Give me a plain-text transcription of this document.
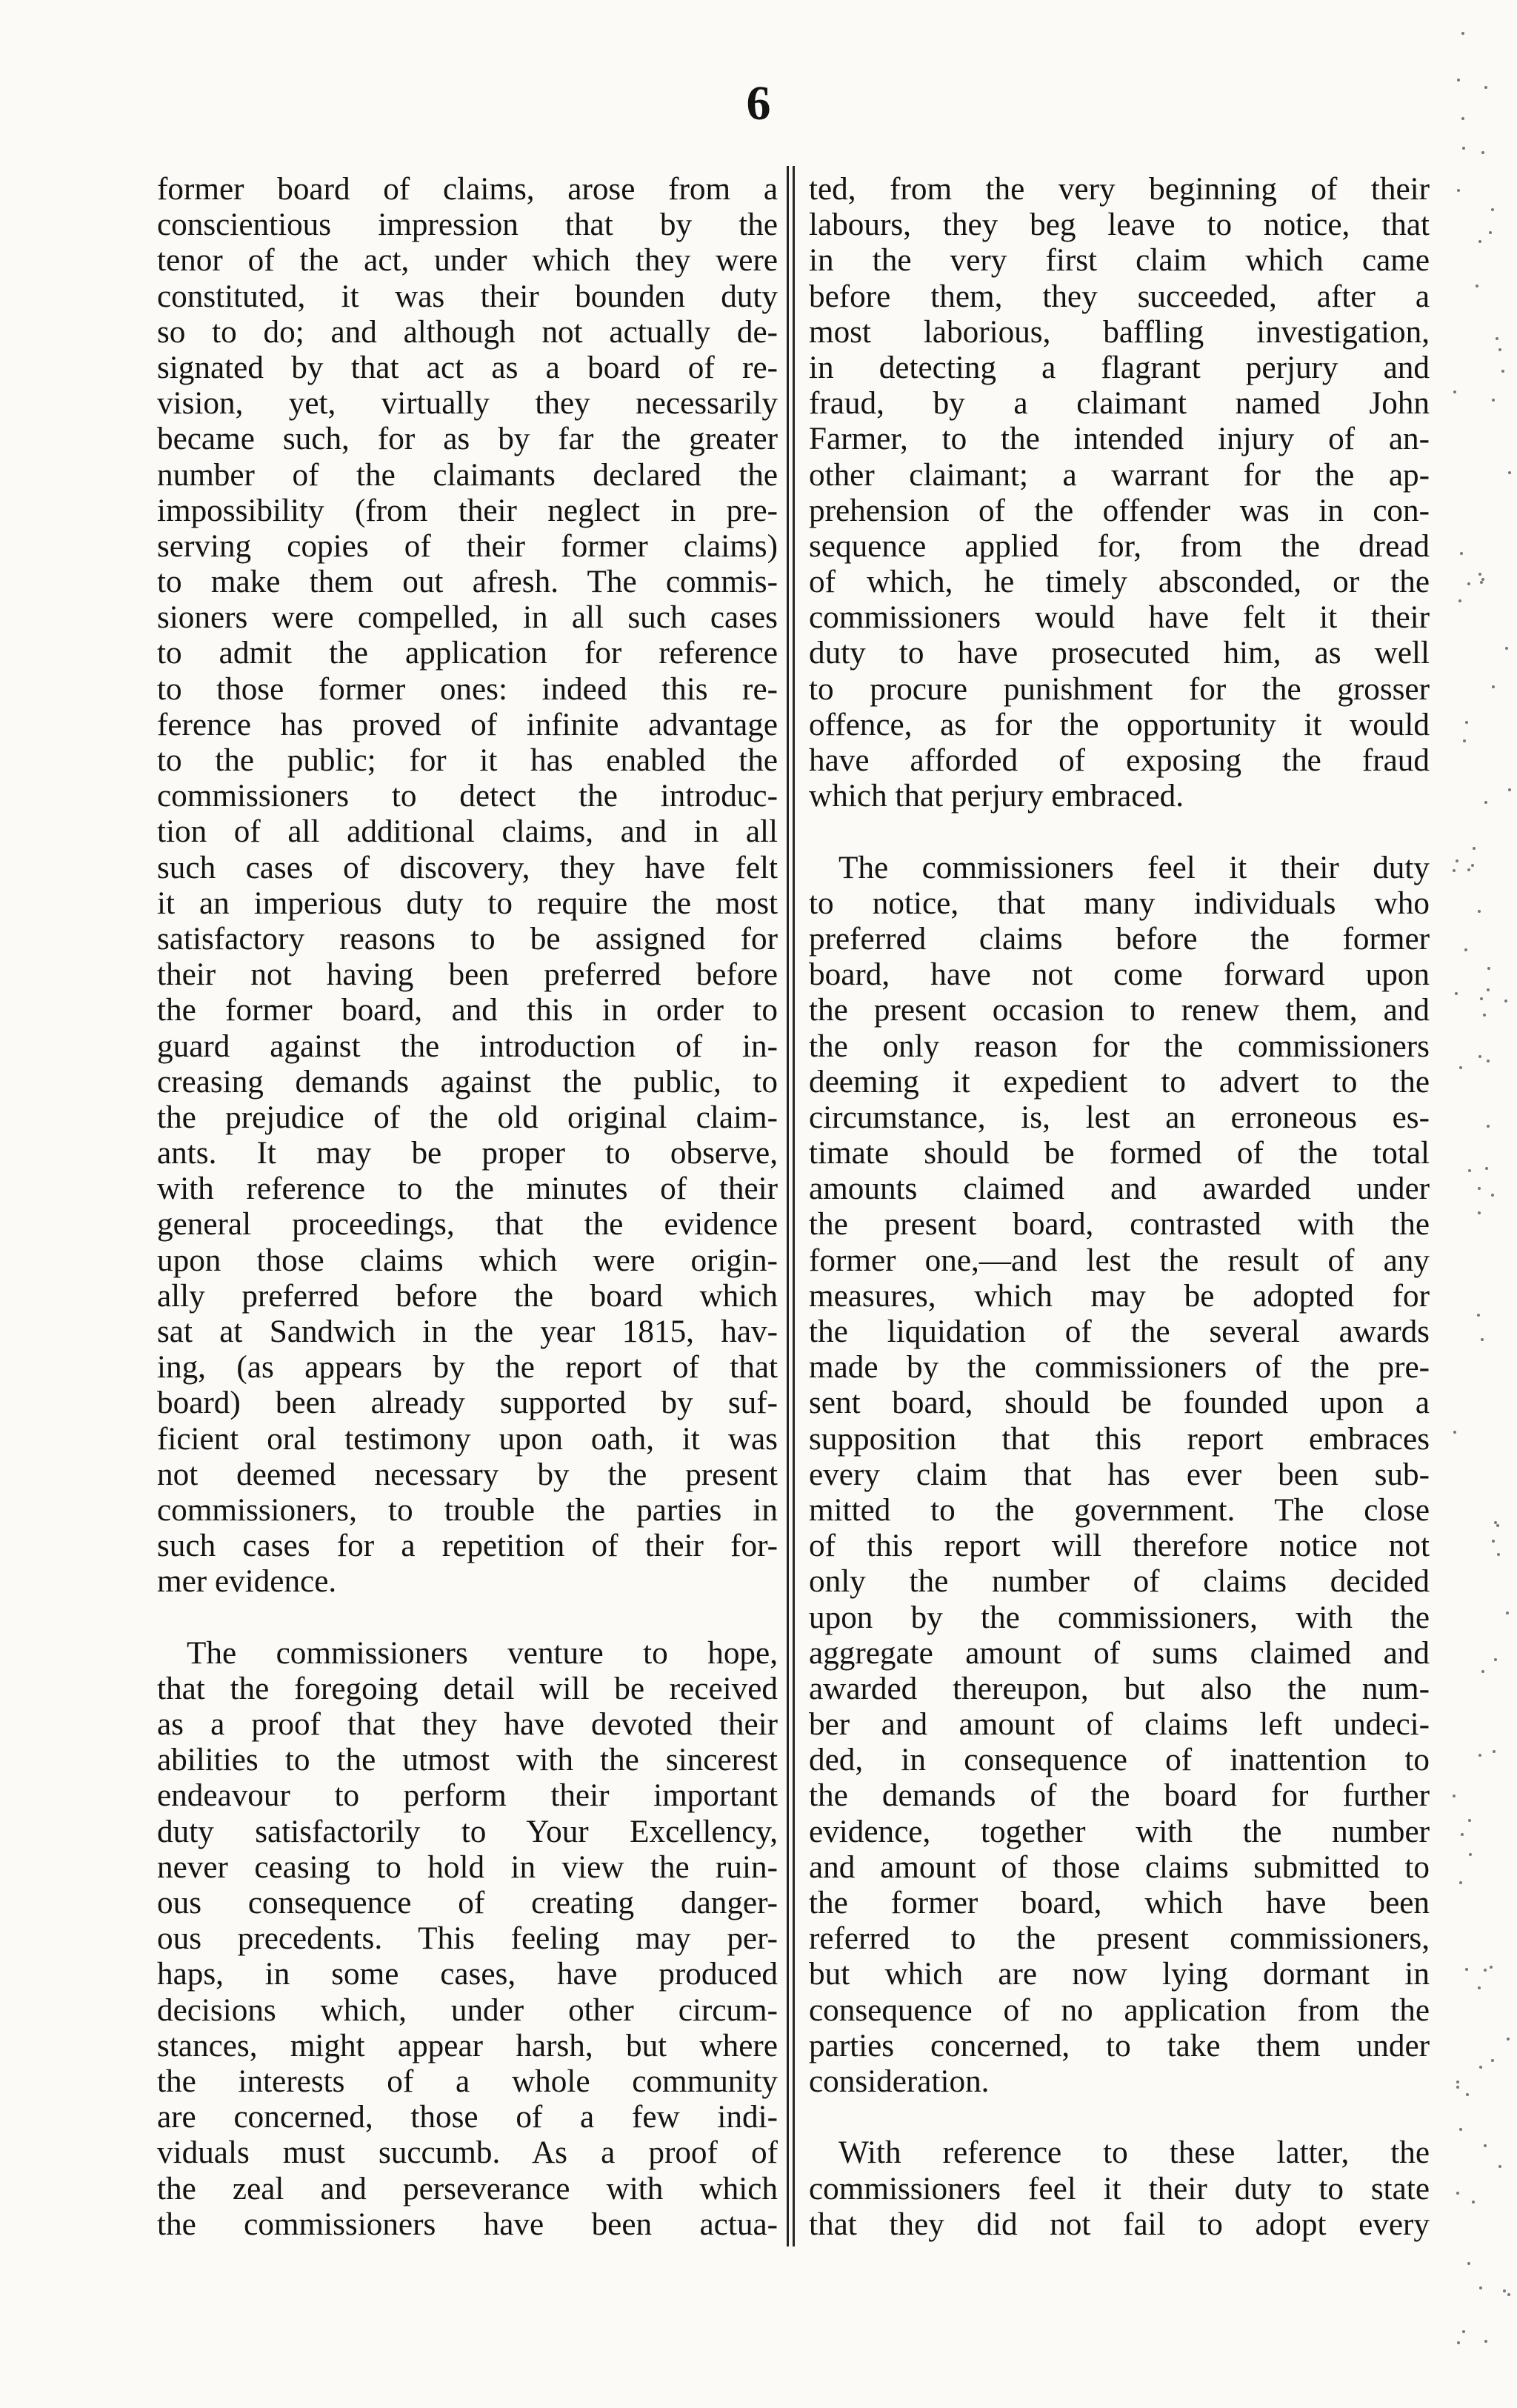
6
former board of claims, arose from a
conscientious impression that by the
tenor of the act, under which they were
constituted, it was their bounden duty
so to do; and although not actually de-
signated by that act as a board of re-
vision, yet, virtually they necessarily
became such, for as by far the greater
number of the claimants declared the
impossibility (from their neglect in pre-
serving copies of their former claims)
to make them out afresh. The commis-
sioners were compelled, in all such cases
to admit the application for reference
to those former ones: indeed this re-
ference has proved of infinite advantage
to the public; for it has enabled the
commissioners to detect the introduc-
tion of all additional claims, and in all
such cases of discovery, they have felt
it an imperious duty to require the most
satisfactory reasons to be assigned for
their not having been preferred before
the former board, and this in order to
guard against the introduction of in-
creasing demands against the public, to
the prejudice of the old original claim-
ants. It may be proper to observe,
with reference to the minutes of their
general proceedings, that the evidence
upon those claims which were origin-
ally preferred before the board which
sat at Sandwich in the year 1815, hav-
ing, (as appears by the report of that
board) been already supported by suf-
ficient oral testimony upon oath, it was
not deemed necessary by the present
commissioners, to trouble the parties in
such cases for a repetition of their for-
mer evidence.
The commissioners venture to hope,
that the foregoing detail will be received
as a proof that they have devoted their
abilities to the utmost with the sincerest
endeavour to perform their important
duty satisfactorily to Your Excellency,
never ceasing to hold in view the ruin-
ous consequence of creating danger-
ous precedents. This feeling may per-
haps, in some cases, have produced
decisions which, under other circum-
stances, might appear harsh, but where
the interests of a whole community
are concerned, those of a few indi-
viduals must succumb. As a proof of
the zeal and perseverance with which
the commissioners have been actua-
ted, from the very beginning of their
labours, they beg leave to notice, that
in the very first claim which came
before them, they succeeded, after a
most laborious, baffling investigation,
in detecting a flagrant perjury and
fraud, by a claimant named John
Farmer, to the intended injury of an-
other claimant; a warrant for the ap-
prehension of the offender was in con-
sequence applied for, from the dread
of which, he timely absconded, or the
commissioners would have felt it their
duty to have prosecuted him, as well
to procure punishment for the grosser
offence, as for the opportunity it would
have afforded of exposing the fraud
which that perjury embraced.
The commissioners feel it their duty
to notice, that many individuals who
preferred claims before the former
board, have not come forward upon
the present occasion to renew them, and
the only reason for the commissioners
deeming it expedient to advert to the
circumstance, is, lest an erroneous es-
timate should be formed of the total
amounts claimed and awarded under
the present board, contrasted with the
former one,—and lest the result of any
measures, which may be adopted for
the liquidation of the several awards
made by the commissioners of the pre-
sent board, should be founded upon a
supposition that this report embraces
every claim that has ever been sub-
mitted to the government. The close
of this report will therefore notice not
only the number of claims decided
upon by the commissioners, with the
aggregate amount of sums claimed and
awarded thereupon, but also the num-
ber and amount of claims left undeci-
ded, in consequence of inattention to
the demands of the board for further
evidence, together with the number
and amount of those claims submitted to
the former board, which have been
referred to the present commissioners,
but which are now lying dormant in
consequence of no application from the
parties concerned, to take them under
consideration.
With reference to these latter, the
commissioners feel it their duty to state
that they did not fail to adopt every
